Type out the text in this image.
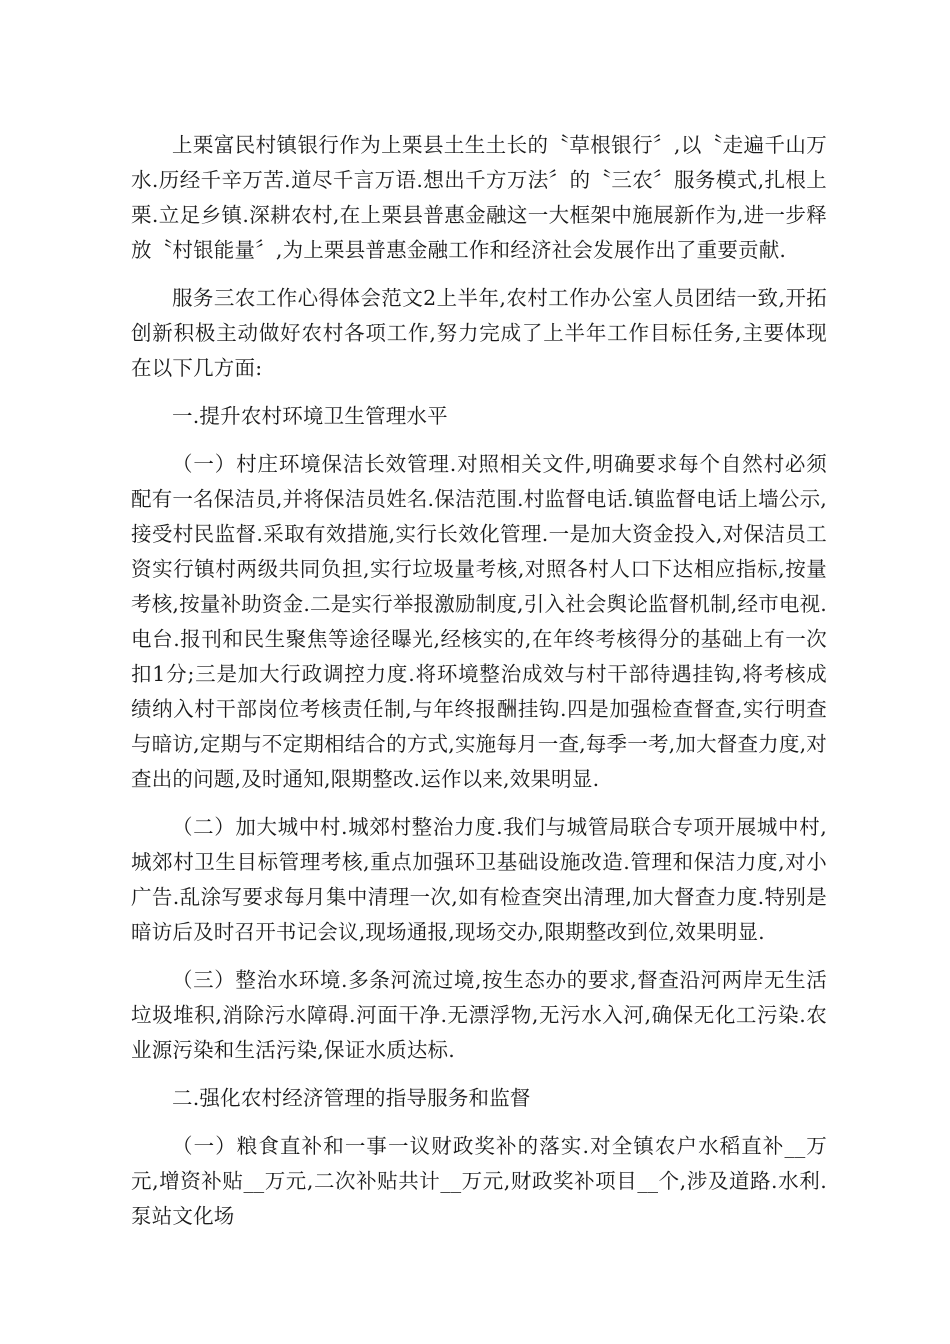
上栗富民村镇银行作为上栗县土生土长的〝草根银行〞,以〝走遍千山万水.历经千辛万苦.道尽千言万语.想出千方万法〞的〝三农〞服务模式,扎根上栗.立足乡镇.深耕农村,在上栗县普惠金融这一大框架中施展新作为,进一步释放〝村银能量〞,为上栗县普惠金融工作和经济社会发展作出了重要贡献.

服务三农工作心得体会范文2上半年,农村工作办公室人员团结一致,开拓创新积极主动做好农村各项工作,努力完成了上半年工作目标任务,主要体现在以下几方面:

一.提升农村环境卫生管理水平

（一）村庄环境保洁长效管理.对照相关文件,明确要求每个自然村必须配有一名保洁员,并将保洁员姓名.保洁范围.村监督电话.镇监督电话上墙公示,接受村民监督.采取有效措施,实行长效化管理.一是加大资金投入,对保洁员工资实行镇村两级共同负担,实行垃圾量考核,对照各村人口下达相应指标,按量考核,按量补助资金.二是实行举报激励制度,引入社会舆论监督机制,经市电视.电台.报刊和民生聚焦等途径曝光,经核实的,在年终考核得分的基础上有一次扣1分;三是加大行政调控力度.将环境整治成效与村干部待遇挂钩,将考核成绩纳入村干部岗位考核责任制,与年终报酬挂钩.四是加强检查督查,实行明查与暗访,定期与不定期相结合的方式,实施每月一查,每季一考,加大督查力度,对查出的问题,及时通知,限期整改.运作以来,效果明显.

（二）加大城中村.城郊村整治力度.我们与城管局联合专项开展城中村,城郊村卫生目标管理考核,重点加强环卫基础设施改造.管理和保洁力度,对小广告.乱涂写要求每月集中清理一次,如有检查突出清理,加大督查力度.特别是暗访后及时召开书记会议,现场通报,现场交办,限期整改到位,效果明显.

（三）整治水环境.多条河流过境,按生态办的要求,督查沿河两岸无生活垃圾堆积,消除污水障碍.河面干净.无漂浮物,无污水入河,确保无化工污染.农业源污染和生活污染,保证水质达标.

二.强化农村经济管理的指导服务和监督

（一）粮食直补和一事一议财政奖补的落实.对全镇农户水稻直补__万元,增资补贴__万元,二次补贴共计__万元,财政奖补项目__个,涉及道路.水利.泵站文化场
